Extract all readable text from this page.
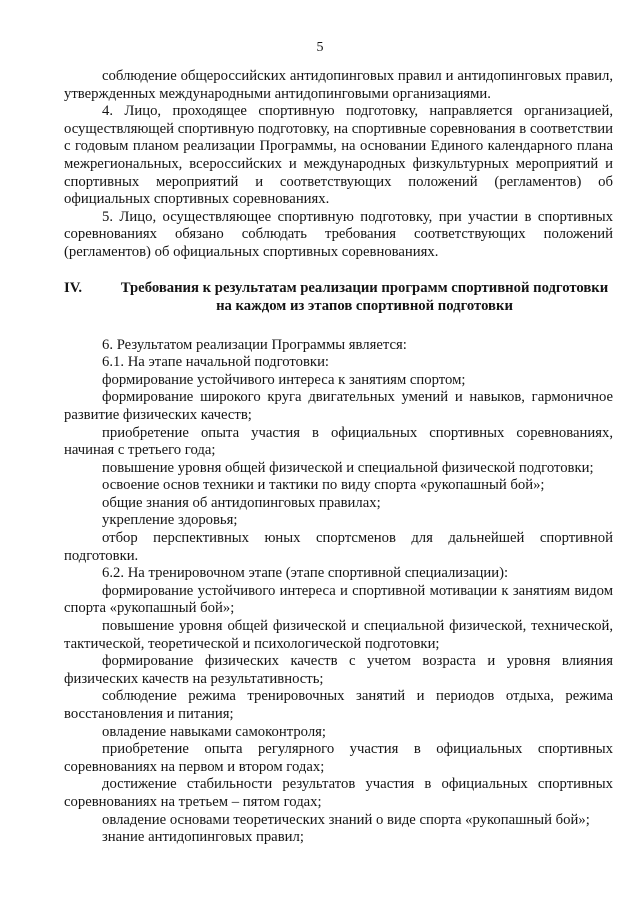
5

соблюдение общероссийских антидопинговых правил и антидопинговых правил, утвержденных международными антидопинговыми организациями.

4. Лицо, проходящее спортивную подготовку, направляется организацией, осуществляющей спортивную подготовку, на спортивные соревнования в соответствии с годовым планом реализации Программы, на основании Единого календарного плана межрегиональных, всероссийских и международных физкультурных мероприятий и спортивных мероприятий и соответствующих положений (регламентов) об официальных спортивных соревнованиях.

5. Лицо, осуществляющее спортивную подготовку, при участии в спортивных соревнованиях обязано соблюдать требования соответствующих положений (регламентов) об официальных спортивных соревнованиях.

IV.	Требования к результатам реализации программ спортивной подготовки на каждом из этапов спортивной подготовки

6. Результатом реализации Программы является:

6.1. На этапе начальной подготовки:

формирование устойчивого интереса к занятиям спортом;

формирование широкого круга двигательных умений и навыков, гармоничное развитие физических качеств;

приобретение опыта участия в официальных спортивных соревнованиях, начиная с третьего года;

повышение уровня общей физической и специальной физической подготовки;

освоение основ техники и тактики по виду спорта «рукопашный бой»;

общие знания об антидопинговых правилах;

укрепление здоровья;

отбор перспективных юных спортсменов для дальнейшей спортивной подготовки.

6.2. На тренировочном этапе (этапе спортивной специализации):

формирование устойчивого интереса и спортивной мотивации к занятиям видом спорта «рукопашный бой»;

повышение уровня общей физической и специальной физической, технической, тактической, теоретической и психологической подготовки;

формирование физических качеств с учетом возраста и уровня влияния физических качеств на результативность;

соблюдение режима тренировочных занятий и периодов отдыха, режима восстановления и питания;

овладение навыками самоконтроля;

приобретение опыта регулярного участия в официальных спортивных соревнованиях на первом и втором годах;

достижение стабильности результатов участия в официальных спортивных соревнованиях на третьем – пятом годах;

овладение основами теоретических знаний о виде спорта «рукопашный бой»;

знание антидопинговых правил;
